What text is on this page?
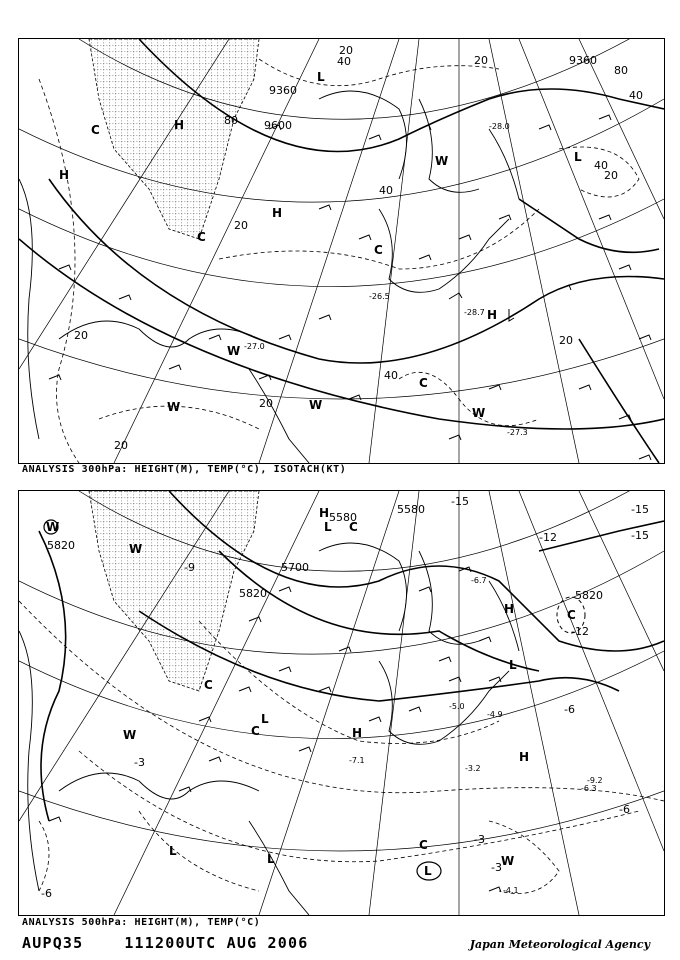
9360
9600
9360
20
40
80
80
40
40
20
20
40
20
20
20
20
40
20
C	H
H
C
H
L
W
W
W
H
W
W
C
L
C
-27.3
-28.7
-28.0
-26.5
-27.0
ANALYSIS 300hPa: HEIGHT(M), TEMP(°C), ISOTACH(KT)
5820
5580
5580
5700
5820	5820
-15
-15
-12	-15
-12
-9
-6
-3
-3
-6
-3
-6
W
W
H
C
L
C
H
H
L
C
L
C
C
L
L
W
W
L
H
-6.7
-5.0
-7.1
-3.2
-4.1
-9.2
-6.3
-4.9
ANALYSIS 500hPa: HEIGHT(M), TEMP(°C)
AUPQ35	111200UTC AUG 2006	Japan Meteorological Agency
